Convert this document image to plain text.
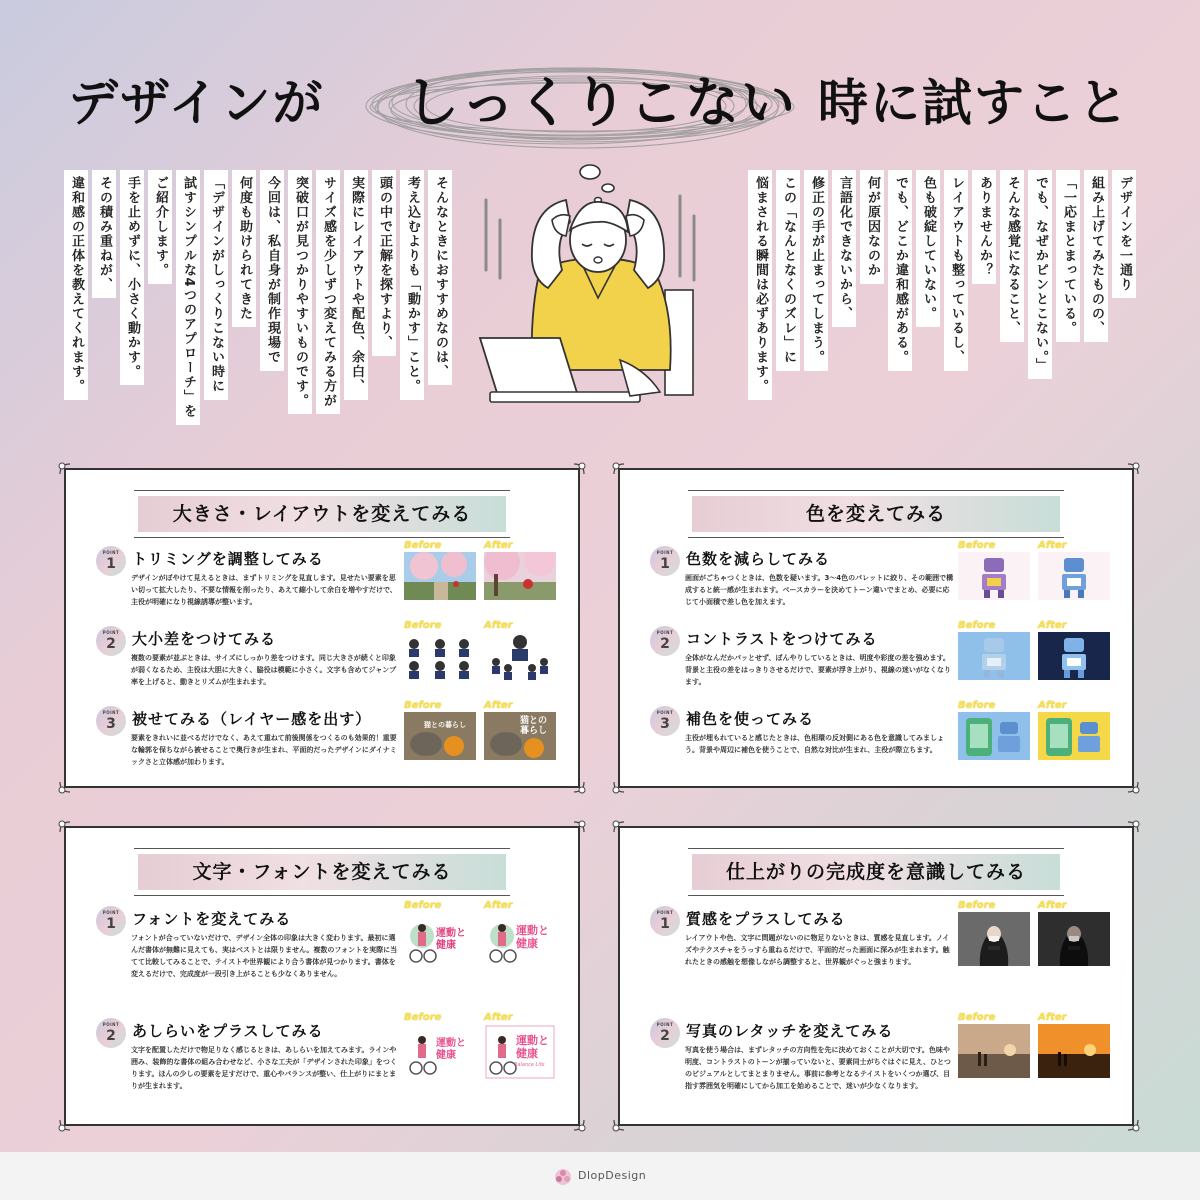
デザインが しっくりこない 時に試すこと
デザインを一通り
組み上げてみたものの、
「一応まとまっている。
でも、なぜかピンとこない。」
そんな感覚になること、
ありませんか？
レイアウトも整っているし、
色も破綻していない。
でも、どこか違和感がある。
何が原因なのか
言語化できないから、
修正の手が止まってしまう。
この「なんとなくのズレ」に
悩まされる瞬間は必ずあります。
そんなときにおすすめなのは、
考え込むよりも「動かす」こと。
頭の中で正解を探すより、
実際にレイアウトや配色、余白、
サイズ感を少しずつ変えてみる方が
突破口が見つかりやすいものです。
今回は、私自身が制作現場で
何度も助けられてきた
「デザインがしっくりこない時に
試すシンプルな4つのアプローチ」を
ご紹介します。
手を止めずに、小さく動かす。
その積み重ねが、
違和感の正体を教えてくれます。
大きさ・レイアウトを変えてみる
POINT
1	トリミングを調整してみる
デザインがぼやけて見えるときは、まずトリミングを見直します。見せたい要素を思い切って拡大したり、不要な情報を削ったり、あえて縮小して余白を増やすだけで、主役が明確になり視線誘導が整います。
Before	After
POINT
2	大小差をつけてみる
複数の要素が並ぶときは、サイズにしっかり差をつけます。同じ大きさが続くと印象が弱くなるため、主役は大胆に大きく、脇役は模範に小さく。文字も含めてジャンプ率を上げると、動きとリズムが生まれます。
Before	After
POINT
3	被せてみる（レイヤー感を出す）
要素をきれいに並べるだけでなく、あえて重ねて前後関係をつくるのも効果的！重要な輪郭を保ちながら被せることで奥行きが生まれ、平面的だったデザインにダイナミックさと立体感が加わります。
Before	After
猫との暮らし	猫との暮らし
色を変えてみる
POINT
1	色数を減らしてみる
画面がごちゃつくときは、色数を疑います。3〜4色のパレットに絞り、その範囲で構成すると統一感が生まれます。ベースカラーを決めてトーン違いでまとめ、必要に応じて小面積で差し色を加えます。
Before	After
POINT
2	コントラストをつけてみる
全体がなんだかパッとせず、ぼんやりしているときは、明度や彩度の差を強めます。背景と主役の差をはっきりさせるだけで、要素が浮き上がり、視線の迷いがなくなります。
Before	After
POINT
3	補色を使ってみる
主役が埋もれていると感じたときは、色相環の反対側にある色を意識してみましょう。背景や周辺に補色を使うことで、自然な対比が生まれ、主役が際立ちます。
Before	After
文字・フォントを変えてみる
POINT
1	フォントを変えてみる
フォントが合っていないだけで、デザイン全体の印象は大きく変わります。最初に選んだ書体が無難に見えても、実はベストとは限りません。複数のフォントを実際に当てて比較してみることで、テイストや世界観により合う書体が見つかります。書体を変えるだけで、完成度が一段引き上がることも少なくありません。
Before	After
運動と健康
運動と健康
POINT
2	あしらいをプラスしてみる
文字を配置しただけで物足りなく感じるときは、あしらいを加えてみます。ラインや囲み、装飾的な書体の組み合わせなど、小さな工夫が「デザインされた印象」をつくります。ほんの少しの要素を足すだけで、重心やバランスが整い、仕上がりにまとまりが生まれます。
Before	After
運動と健康
運動と健康
Balance Life
仕上がりの完成度を意識してみる
POINT
1	質感をプラスしてみる
レイアウトや色、文字に問題がないのに物足りないときは、質感を見直します。ノイズやテクスチャをうっすら重ねるだけで、平面的だった画面に深みが生まれます。触れたときの感触を想像しながら調整すると、世界観がぐっと強まります。
Before	After
POINT
2	写真のレタッチを変えてみる
写真を使う場合は、まずレタッチの方向性を先に決めておくことが大切です。色味や明度、コントラストのトーンが揃っていないと、要素同士がちぐはぐに見え、ひとつのビジュアルとしてまとまりません。事前に参考となるテイストをいくつか選び、目指す雰囲気を明確にしてから加工を始めることで、迷いが少なくなります。
Before	After
DlopDesign
